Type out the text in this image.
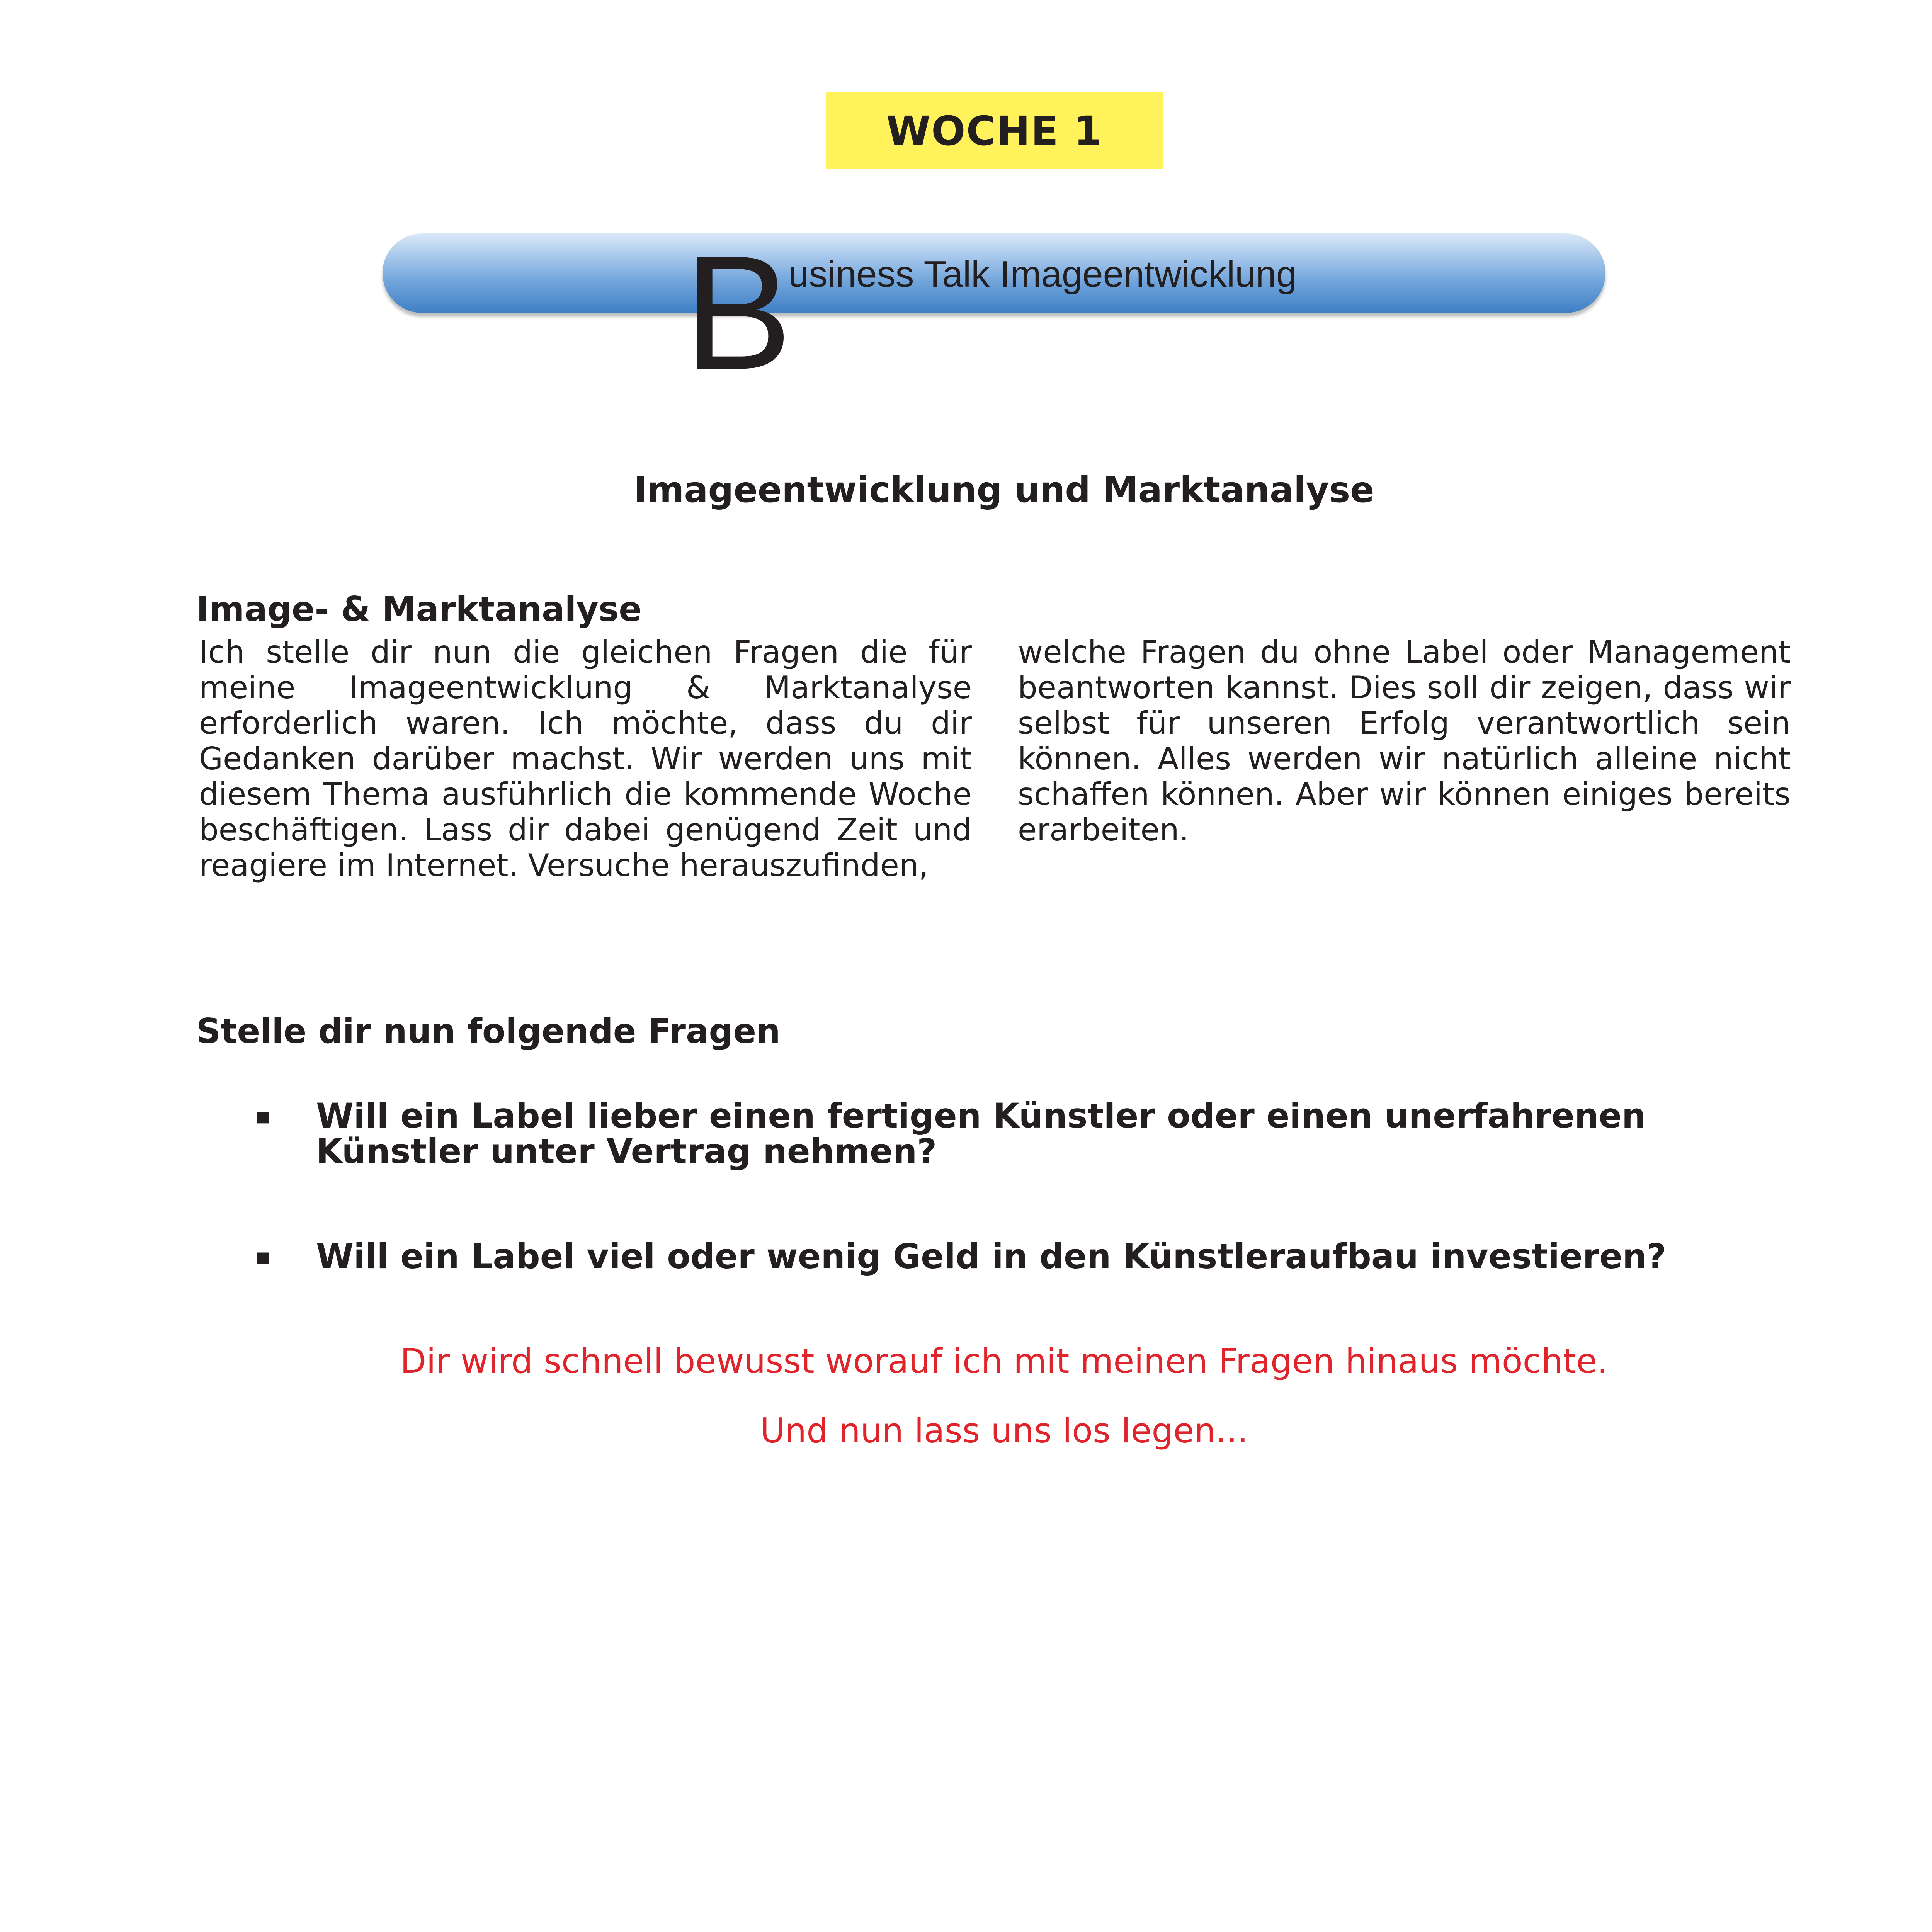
WOCHE 1
B
usiness Talk Imageentwicklung
Imageentwicklung und Marktanalyse
Image- & Marktanalyse

Ich stelle dir nun die gleichen Fragen die für meine Imageentwicklung & Marktanalyse erforderlich waren. Ich möchte, dass du dir Gedanken darüber machst. Wir werden uns mit diesem Thema ausführlich die kommende Woche beschäftigen. Lass dir dabei genügend Zeit und reagiere im Internet. Versuche herauszufinden,

welche Fragen du ohne Label oder Management beantworten kannst. Dies soll dir zeigen, dass wir selbst für unseren Erfolg verantwortlich sein können. Alles werden wir natürlich alleine nicht schaffen können. Aber wir können einiges bereits erarbeiten.

Stelle dir nun folgende Fragen
▪ Will ein Label lieber einen fertigen Künstler oder einen unerfahrenen Künstler unter Vertrag nehmen?
▪ Will ein Label viel oder wenig Geld in den Künstleraufbau investieren?
Dir wird schnell bewusst worauf ich mit meinen Fragen hinaus möchte.
Und nun lass uns los legen...
